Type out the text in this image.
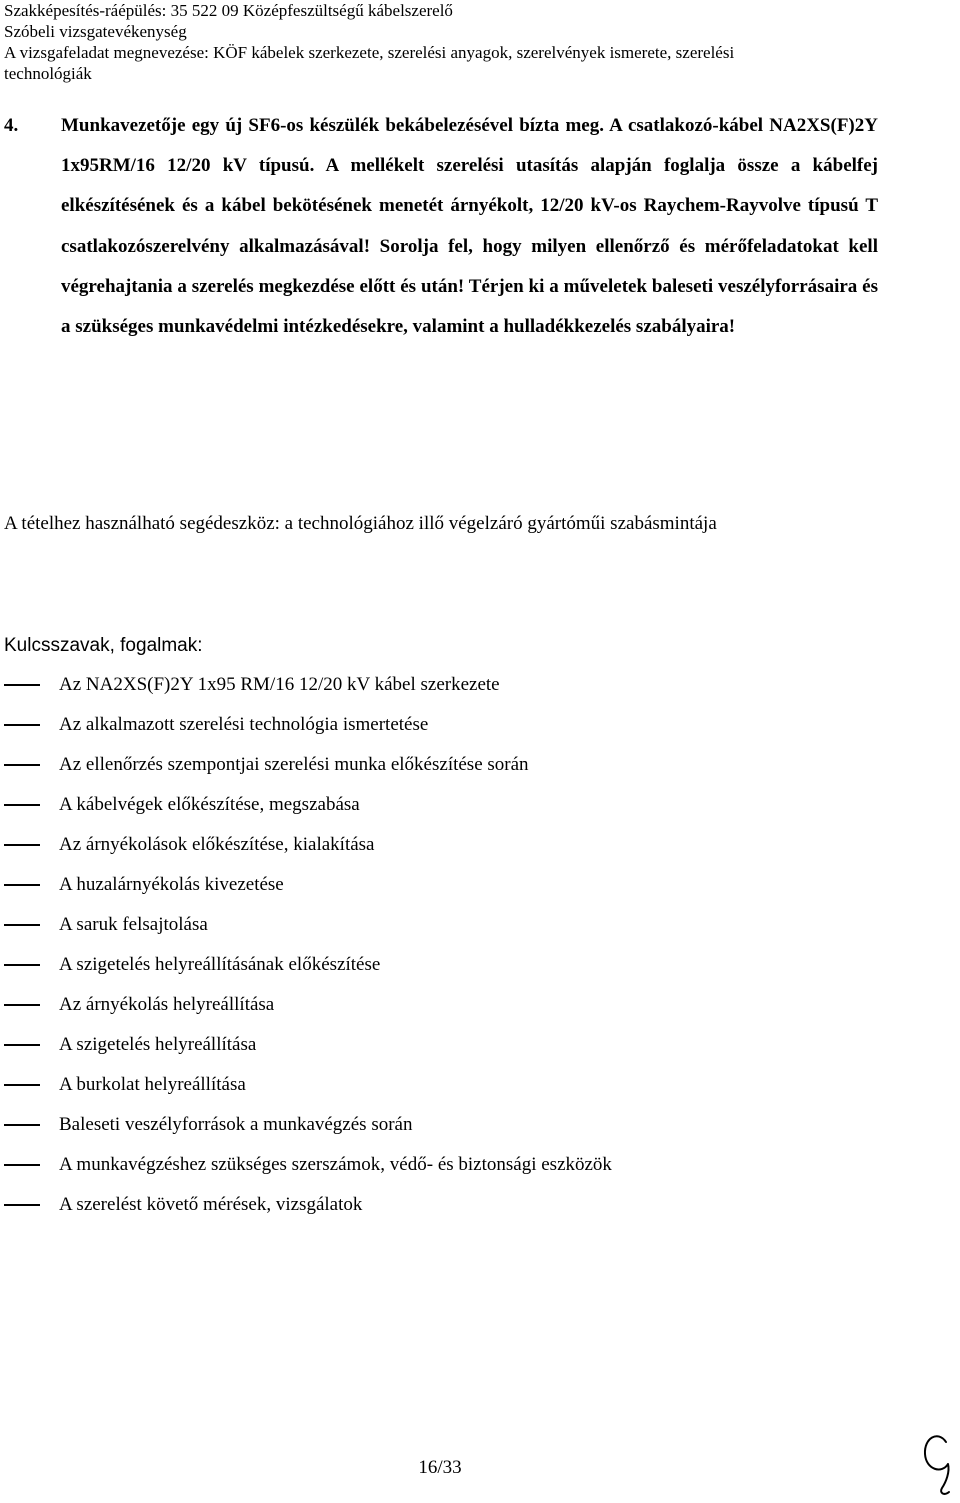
Szakképesítés-ráépülés: 35 522 09 Középfeszültségű kábelszerelő
Szóbeli vizsgatevékenység
A vizsgafeladat megnevezése: KÖF kábelek szerkezete, szerelési anyagok, szerelvények ismerete, szerelési
technológiák
4. Munkavezetője egy új SF6-os készülék bekábelezésével bízta meg. A csatlakozó-kábel NA2XS(F)2Y 1x95RM/16 12/20 kV típusú. A mellékelt szerelési utasítás alapján foglalja össze a kábelfej elkészítésének és a kábel bekötésének menetét árnyékolt, 12/20 kV-os Raychem-Rayvolve típusú T csatlakozószerelvény alkalmazásával! Sorolja fel, hogy milyen ellenőrző és mérőfeladatokat kell végrehajtania a szerelés megkezdése előtt és után! Térjen ki a műveletek baleseti veszélyforrásaira és a szükséges munkavédelmi intézkedésekre, valamint a hulladékkezelés szabályaira!
A tételhez használható segédeszköz: a technológiához illő végelzáró gyártóműi szabásmintája
Kulcsszavak, fogalmak:
Az NA2XS(F)2Y 1x95 RM/16 12/20 kV kábel szerkezete
Az alkalmazott szerelési technológia ismertetése
Az ellenőrzés szempontjai szerelési munka előkészítése során
A kábelvégek előkészítése, megszabása
Az árnyékolások előkészítése, kialakítása
A huzalárnyékolás kivezetése
A saruk felsajtolása
A szigetelés helyreállításának előkészítése
Az árnyékolás helyreállítása
A szigetelés helyreállítása
A burkolat helyreállítása
Baleseti veszélyforrások a munkavégzés során
A munkavégzéshez szükséges szerszámok, védő- és biztonsági eszközök
A szerelést követő mérések, vizsgálatok
16/33
